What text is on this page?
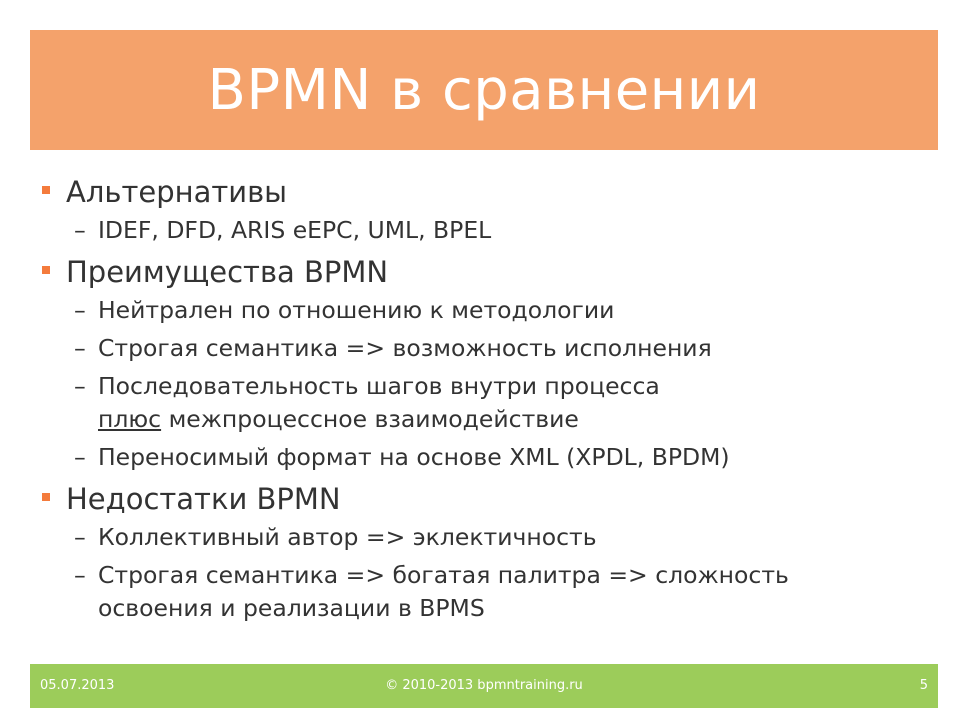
BPMN в сравнении
Альтернативы
– IDEF, DFD, ARIS eEPC, UML, BPEL
Преимущества BPMN
– Нейтрален по отношению к методологии
– Строгая семантика => возможность исполнения
– Последовательность шагов внутри процесса
плюс межпроцессное взаимодействие
– Переносимый формат на основе XML (XPDL, BPDM)
Недостатки BPMN
– Коллективный автор => эклектичность
– Строгая семантика => богатая палитра => сложность
освоения и реализации в BPMS
05.07.2013	© 2010-2013 bpmntraining.ru	5
